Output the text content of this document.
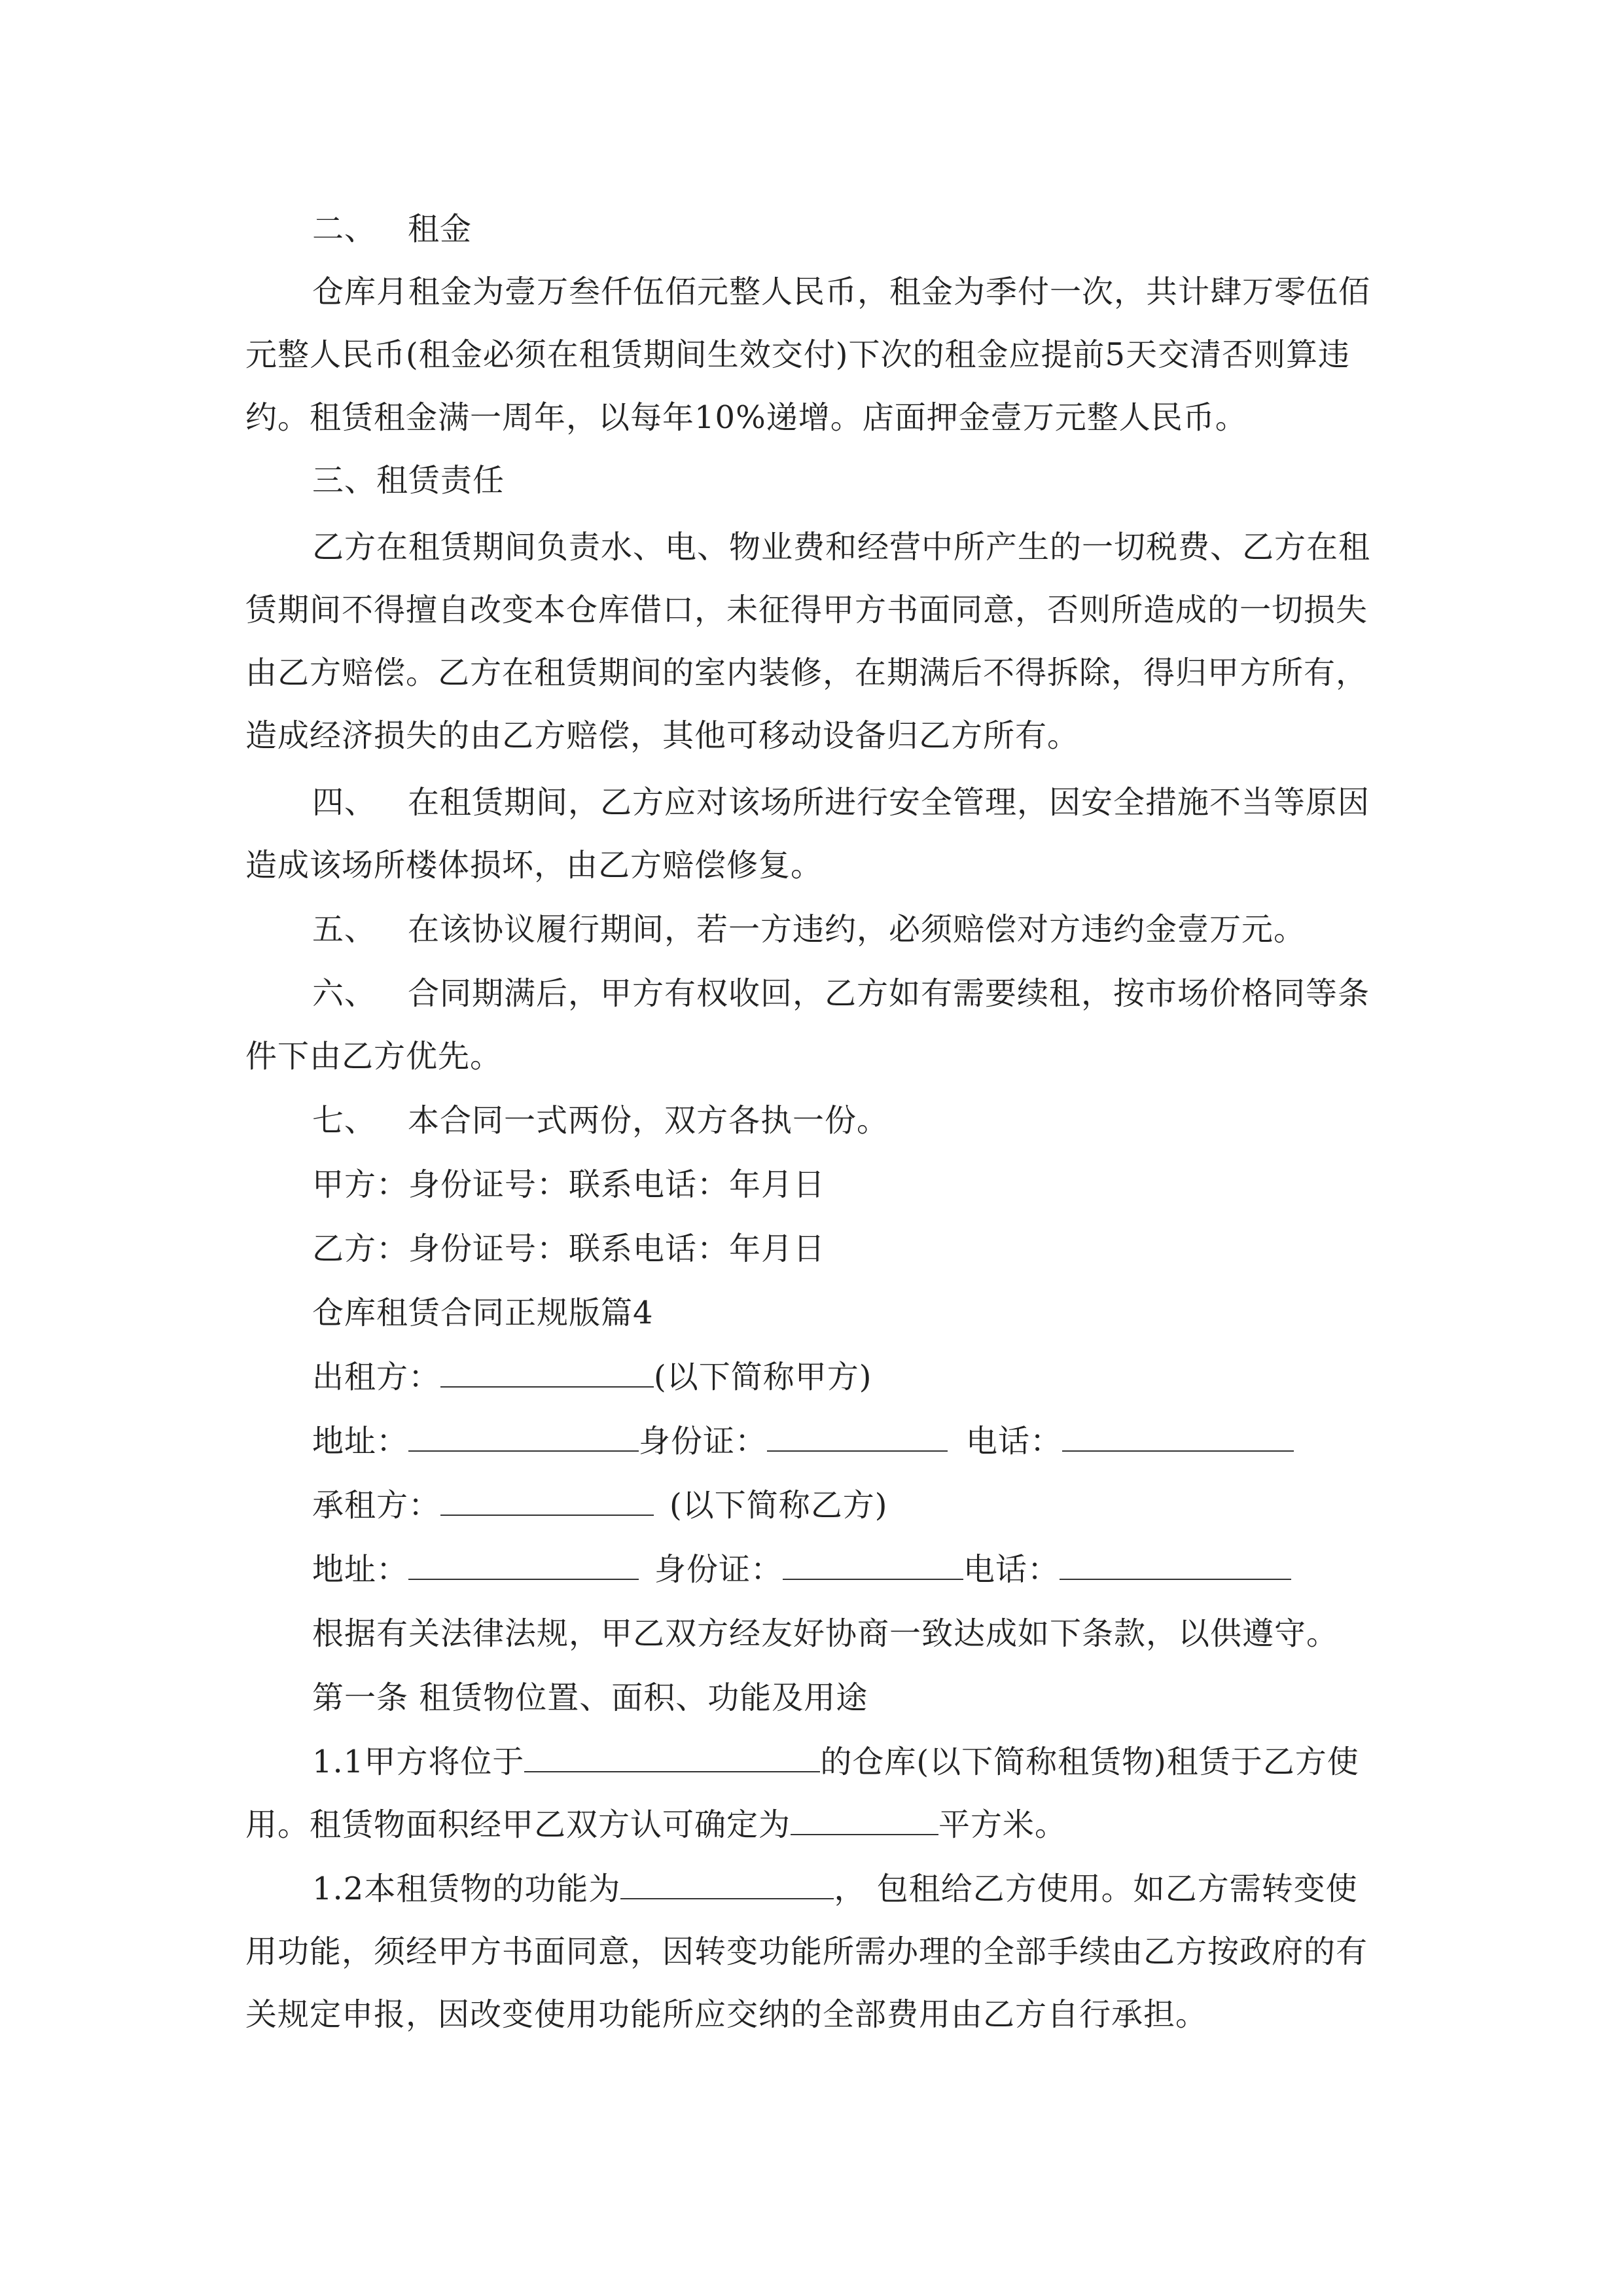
二、 租金
仓库月租金为壹万叁仟伍佰元整人民币，租金为季付一次，共计肆万零伍佰
元整人民币(租金必须在租赁期间生效交付)下次的租金应提前5天交清否则算违
约。租赁租金满一周年，以每年10%递增。店面押金壹万元整人民币。
三、租赁责任
乙方在租赁期间负责水、电、物业费和经营中所产生的一切税费、乙方在租
赁期间不得擅自改变本仓库借口，未征得甲方书面同意，否则所造成的一切损失
由乙方赔偿。乙方在租赁期间的室内装修，在期满后不得拆除，得归甲方所有，
造成经济损失的由乙方赔偿，其他可移动设备归乙方所有。
四、 在租赁期间，乙方应对该场所进行安全管理，因安全措施不当等原因
造成该场所楼体损坏，由乙方赔偿修复。
五、 在该协议履行期间，若一方违约，必须赔偿对方违约金壹万元。
六、 合同期满后，甲方有权收回，乙方如有需要续租，按市场价格同等条
件下由乙方优先。
七、 本合同一式两份，双方各执一份。
甲方：身份证号：联系电话：年月日
乙方：身份证号：联系电话：年月日
仓库租赁合同正规版篇4
出租方：	(以下简称甲方)
地址：	身份证：	电话：
承租方：	(以下简称乙方)
地址：	身份证：	电话：
根据有关法律法规，甲乙双方经友好协商一致达成如下条款，以供遵守。
第一条 租赁物位置、面积、功能及用途
1.1甲方将位于	的仓库(以下简称租赁物)租赁于乙方使
用。租赁物面积经甲乙双方认可确定为	平方米。
1.2本租赁物的功能为	， 包租给乙方使用。如乙方需转变使
用功能，须经甲方书面同意，因转变功能所需办理的全部手续由乙方按政府的有
关规定申报，因改变使用功能所应交纳的全部费用由乙方自行承担。
